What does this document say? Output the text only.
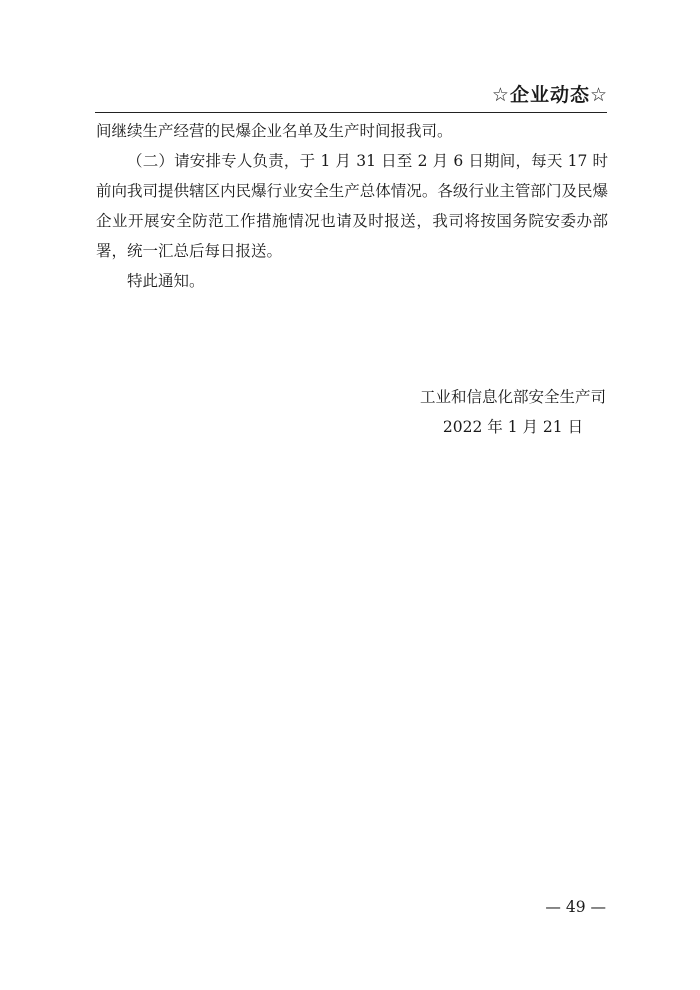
☆企业动态☆

间继续生产经营的民爆企业名单及生产时间报我司。

（二）请安排专人负责，于 1 月 31 日至 2 月 6 日期间，每天 17 时前向我司提供辖区内民爆行业安全生产总体情况。各级行业主管部门及民爆企业开展安全防范工作措施情况也请及时报送，我司将按国务院安委办部署，统一汇总后每日报送。

特此通知。

工业和信息化部安全生产司
2022 年 1 月 21 日
— 49 —
